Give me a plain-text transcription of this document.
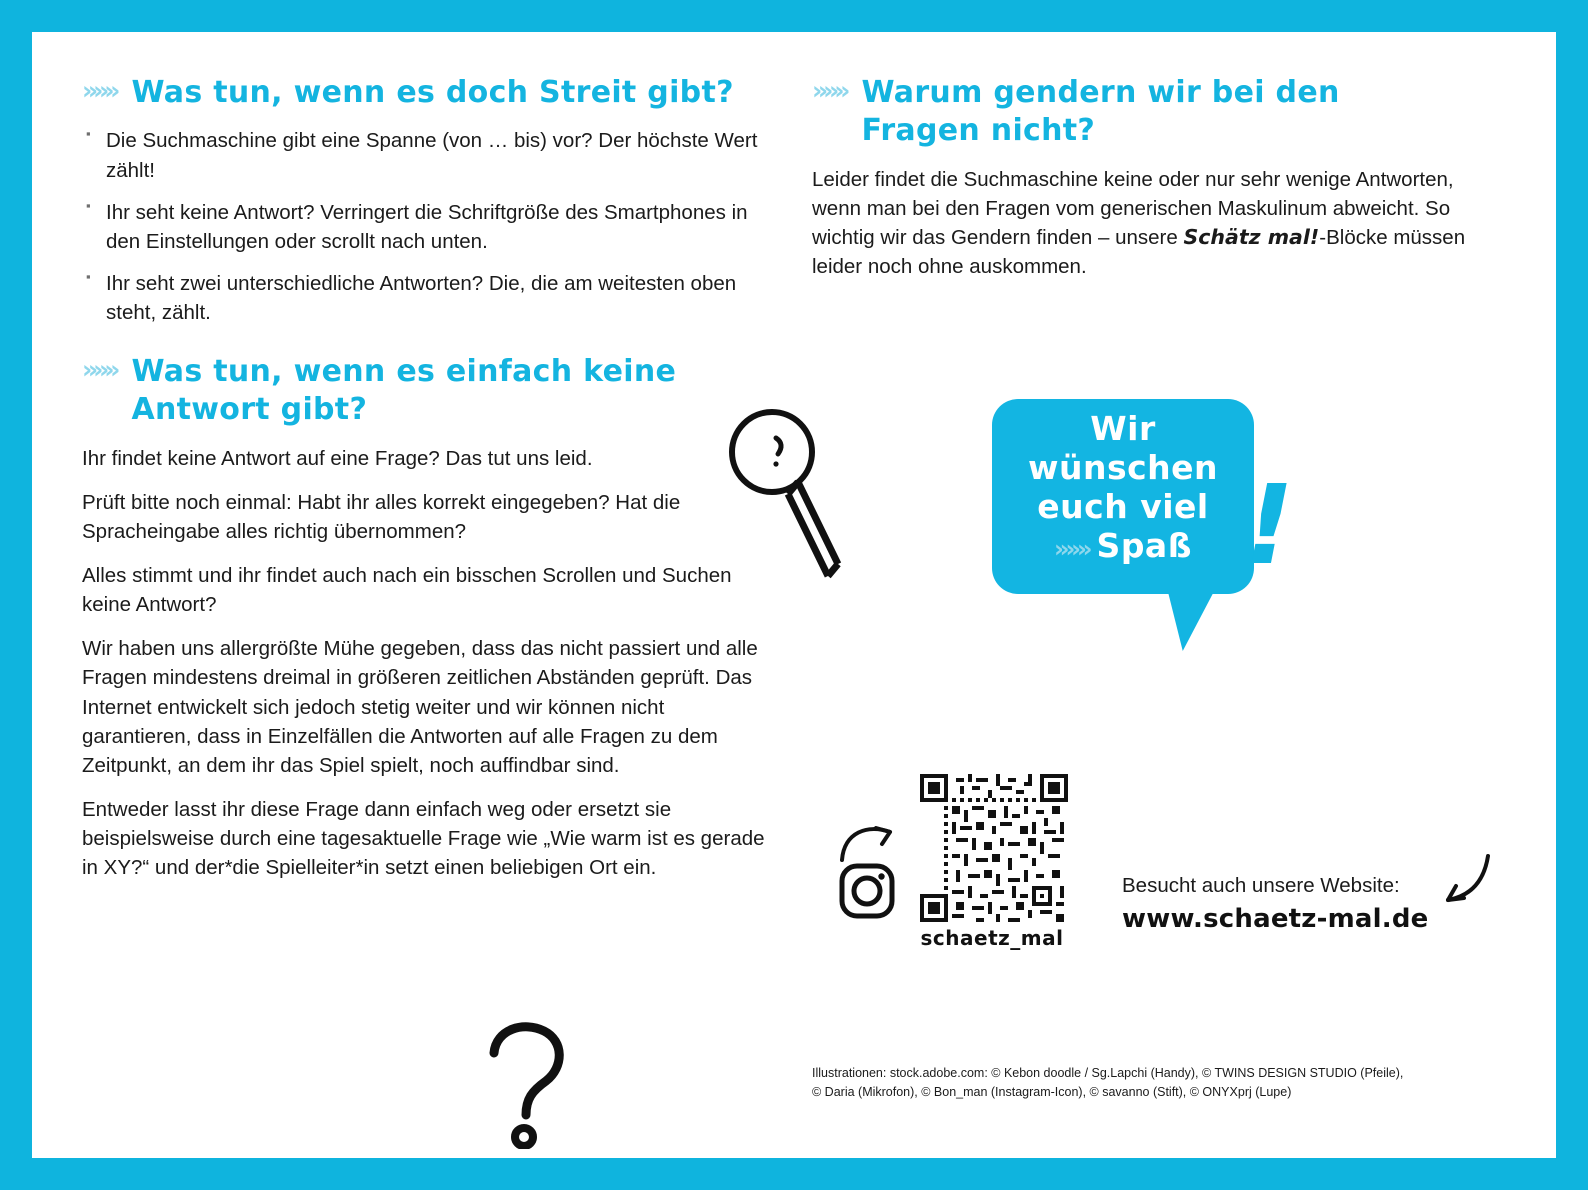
»»» Was tun, wenn es doch Streit gibt?
▪ Die Suchmaschine gibt eine Spanne (von … bis) vor? Der höchste Wert zählt!
▪ Ihr seht keine Antwort? Verringert die Schriftgröße des Smartphones in den Einstellungen oder scrollt nach unten.
▪ Ihr seht zwei unterschiedliche Antworten? Die, die am weitesten oben steht, zählt.
»»» Was tun, wenn es einfach keine
Antwort gibt?

Ihr findet keine Antwort auf eine Frage? Das tut uns leid.

Prüft bitte noch einmal: Habt ihr alles korrekt eingegeben? Hat die Spracheingabe alles richtig übernommen?

Alles stimmt und ihr findet auch nach ein bisschen Scrollen und Suchen keine Antwort?

Wir haben uns allergrößte Mühe gegeben, dass das nicht passiert und alle Fragen mindestens dreimal in größeren zeitlichen Abständen geprüft. Das Internet entwickelt sich jedoch stetig weiter und wir können nicht garantieren, dass in Einzelfällen die Antworten auf alle Fragen zu dem Zeitpunkt, an dem ihr das Spiel spielt, noch auffindbar sind.

Entweder lasst ihr diese Frage dann einfach weg oder ersetzt sie beispielsweise durch eine tagesaktuelle Frage wie „Wie warm ist es gerade in XY?“ und der*die Spielleiter*in setzt einen beliebigen Ort ein.

»»» Warum gendern wir bei den
Fragen nicht?

Leider findet die Suchmaschine keine oder nur sehr wenige Antworten, wenn man bei den Fragen vom generischen Maskulinum abweicht. So wichtig wir das Gendern finden – unsere Schätz mal!-Blöcke müssen leider noch ohne auskommen.

Wir
wünschen
euch viel
»»» Spaß !
schaetz_mal
Besucht auch unsere Website:
www.schaetz-mal.de
Illustrationen: stock.adobe.com: © Kebon doodle / Sg.Lapchi (Handy), © TWINS DESIGN STUDIO (Pfeile),
© Daria (Mikrofon), © Bon_man (Instagram-Icon), © savanno (Stift), © ONYXprj (Lupe)
